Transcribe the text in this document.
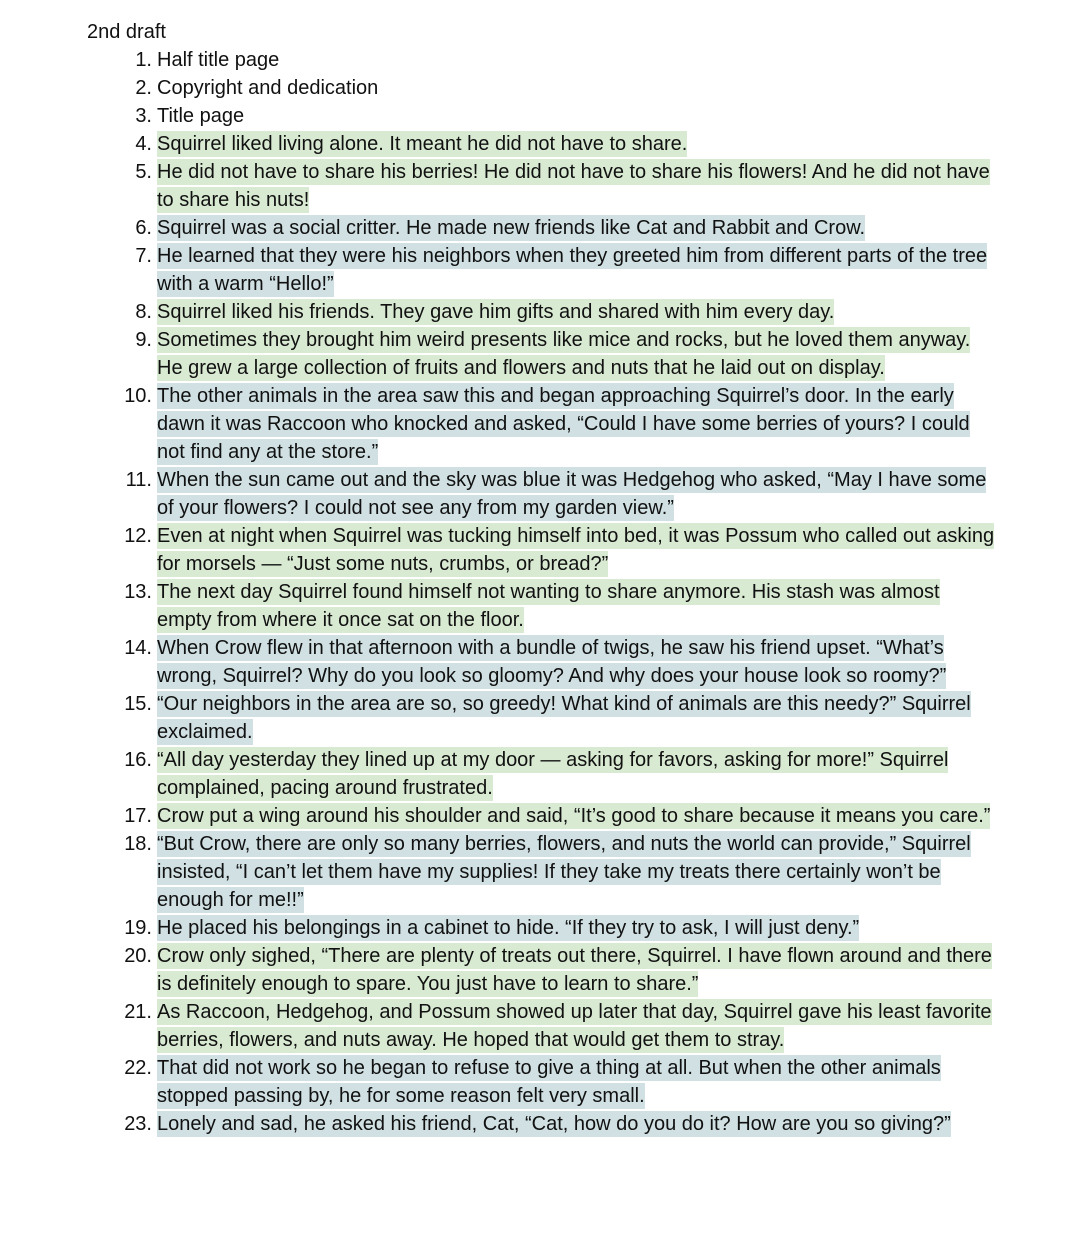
2nd draft
1. Half title page
2. Copyright and dedication
3. Title page
4. Squirrel liked living alone. It meant he did not have to share.
5. He did not have to share his berries! He did not have to share his flowers! And he did not have to share his nuts!
6. Squirrel was a social critter. He made new friends like Cat and Rabbit and Crow.
7. He learned that they were his neighbors when they greeted him from different parts of the tree with a warm “Hello!”
8. Squirrel liked his friends. They gave him gifts and shared with him every day.
9. Sometimes they brought him weird presents like mice and rocks, but he loved them anyway. He grew a large collection of fruits and flowers and nuts that he laid out on display.
10. The other animals in the area saw this and began approaching Squirrel’s door. In the early dawn it was Raccoon who knocked and asked, “Could I have some berries of yours? I could not find any at the store.”
11. When the sun came out and the sky was blue it was Hedgehog who asked, “May I have some of your flowers? I could not see any from my garden view.”
12. Even at night when Squirrel was tucking himself into bed, it was Possum who called out asking for morsels — “Just some nuts, crumbs, or bread?”
13. The next day Squirrel found himself not wanting to share anymore. His stash was almost empty from where it once sat on the floor.
14. When Crow flew in that afternoon with a bundle of twigs, he saw his friend upset. “What’s wrong, Squirrel? Why do you look so gloomy? And why does your house look so roomy?”
15. “Our neighbors in the area are so, so greedy! What kind of animals are this needy?” Squirrel exclaimed.
16. “All day yesterday they lined up at my door — asking for favors, asking for more!” Squirrel complained, pacing around frustrated.
17. Crow put a wing around his shoulder and said, “It’s good to share because it means you care.”
18. “But Crow, there are only so many berries, flowers, and nuts the world can provide,” Squirrel insisted, “I can’t let them have my supplies! If they take my treats there certainly won’t be enough for me!!”
19. He placed his belongings in a cabinet to hide. “If they try to ask, I will just deny.”
20. Crow only sighed, “There are plenty of treats out there, Squirrel. I have flown around and there is definitely enough to spare. You just have to learn to share.”
21. As Raccoon, Hedgehog, and Possum showed up later that day, Squirrel gave his least favorite berries, flowers, and nuts away. He hoped that would get them to stray.
22. That did not work so he began to refuse to give a thing at all. But when the other animals stopped passing by, he for some reason felt very small.
23. Lonely and sad, he asked his friend, Cat, “Cat, how do you do it? How are you so giving?”
